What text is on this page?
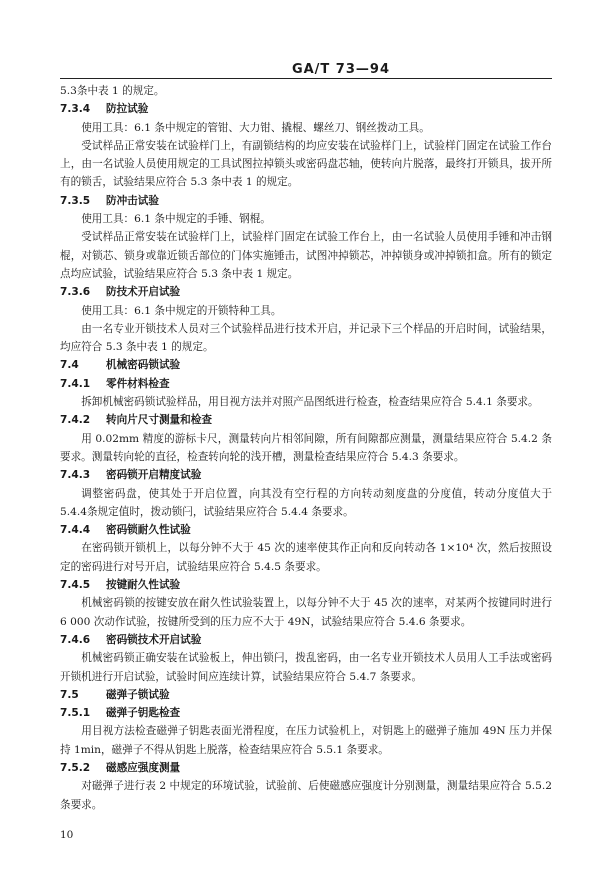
GA/T 73—94
5.3条中表 1 的规定。
7.3.4 防拉试验
使用工具：6.1 条中规定的管钳、大力钳、撬棍、螺丝刀、钢丝拨动工具。
受试样品正常安装在试验样门上，有副锁结构的均应安装在试验样门上，试验样门固定在试验工作台上，由一名试验人员使用规定的工具试图拉掉锁头或密码盘芯轴，使转向片脱落，最终打开锁具，拔开所有的锁舌，试验结果应符合 5.3 条中表 1 的规定。
7.3.5 防冲击试验
使用工具：6.1 条中规定的手锤、钢棍。
受试样品正常安装在试验样门上，试验样门固定在试验工作台上，由一名试验人员使用手锤和冲击钢棍，对锁芯、锁身或靠近锁舌部位的门体实施锤击，试图冲掉锁芯，冲掉锁身或冲掉锁扣盒。所有的锁定点均应试验，试验结果应符合 5.3 条中表 1 规定。
7.3.6 防技术开启试验
使用工具：6.1 条中规定的开锁特种工具。
由一名专业开锁技术人员对三个试验样品进行技术开启，并记录下三个样品的开启时间，试验结果，均应符合 5.3 条中表 1 的规定。
7.4	机械密码锁试验
7.4.1 零件材料检查
拆卸机械密码锁试验样品，用目视方法并对照产品图纸进行检查，检查结果应符合 5.4.1 条要求。
7.4.2 转向片尺寸测量和检查
用 0.02mm 精度的游标卡尺，测量转向片相邻间隙，所有间隙都应测量，测量结果应符合 5.4.2 条要求。测量转向轮的直径，检查转向轮的浅开槽，测量检查结果应符合 5.4.3 条要求。
7.4.3 密码锁开启精度试验
调整密码盘，使其处于开启位置，向其没有空行程的方向转动刻度盘的分度值，转动分度值大于 5.4.4条规定值时，拨动锁闩，试验结果应符合 5.4.4 条要求。
7.4.4 密码锁耐久性试验
在密码锁开锁机上，以每分钟不大于 45 次的速率使其作正向和反向转动各 1×10⁴ 次，然后按照设定的密码进行对号开启，试验结果应符合 5.4.5 条要求。
7.4.5 按键耐久性试验
机械密码锁的按键安放在耐久性试验装置上，以每分钟不大于 45 次的速率，对某两个按键同时进行 6 000 次动作试验，按键所受到的压力应不大于 49N，试验结果应符合 5.4.6 条要求。
7.4.6 密码锁技术开启试验
机械密码锁正确安装在试验板上，伸出锁闩，拨乱密码，由一名专业开锁技术人员用人工手法或密码开锁机进行开启试验，试验时间应连续计算，试验结果应符合 5.4.7 条要求。
7.5	磁弹子锁试验
7.5.1 磁弹子钥匙检查
用目视方法检查磁弹子钥匙表面光滑程度，在压力试验机上，对钥匙上的磁弹子施加 49N 压力并保持 1min，磁弹子不得从钥匙上脱落，检查结果应符合 5.5.1 条要求。
7.5.2 磁感应强度测量
对磁弹子进行表 2 中规定的环境试验，试验前、后使磁感应强度计分别测量，测量结果应符合 5.5.2 条要求。
10
